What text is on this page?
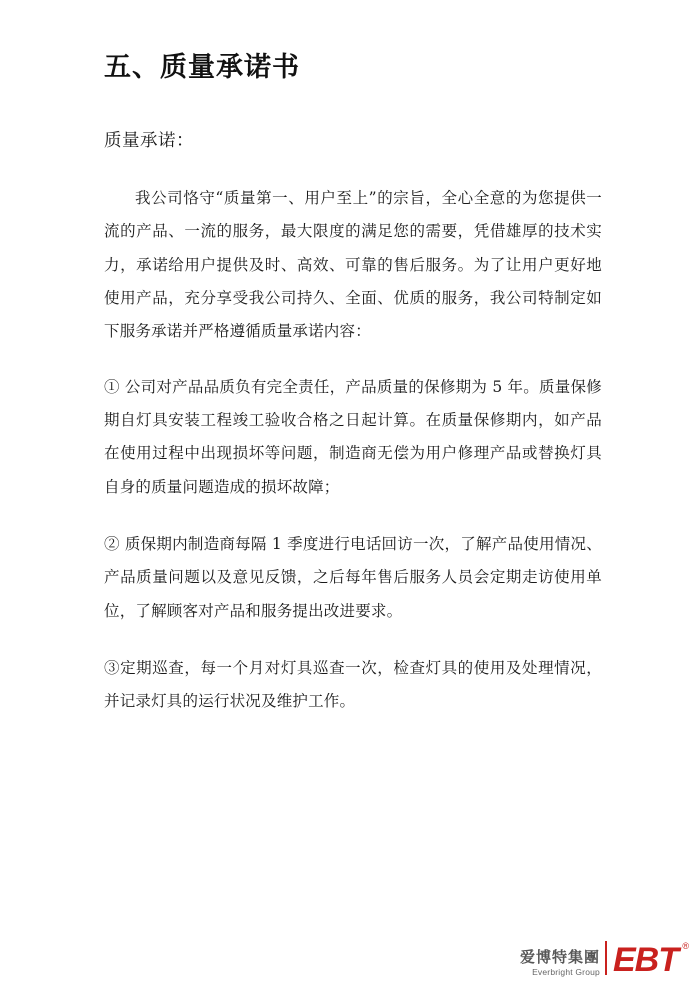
五、质量承诺书

质量承诺：

我公司恪守“质量第一、用户至上”的宗旨，全心全意的为您提供一流的产品、一流的服务，最大限度的满足您的需要，凭借雄厚的技术实力，承诺给用户提供及时、高效、可靠的售后服务。为了让用户更好地使用产品，充分享受我公司持久、全面、优质的服务，我公司特制定如下服务承诺并严格遵循质量承诺内容：

① 公司对产品品质负有完全责任，产品质量的保修期为 5 年。质量保修期自灯具安装工程竣工验收合格之日起计算。在质量保修期内，如产品在使用过程中出现损坏等问题，制造商无偿为用户修理产品或替换灯具自身的质量问题造成的损坏故障；

② 质保期内制造商每隔 1 季度进行电话回访一次，了解产品使用情况、产品质量问题以及意见反馈，之后每年售后服务人员会定期走访使用单位，了解顾客对产品和服务提出改进要求。

③定期巡查，每一个月对灯具巡查一次，检查灯具的使用及处理情况，并记录灯具的运行状况及维护工作。

爱博特集團
Everbright Group EBT ®
